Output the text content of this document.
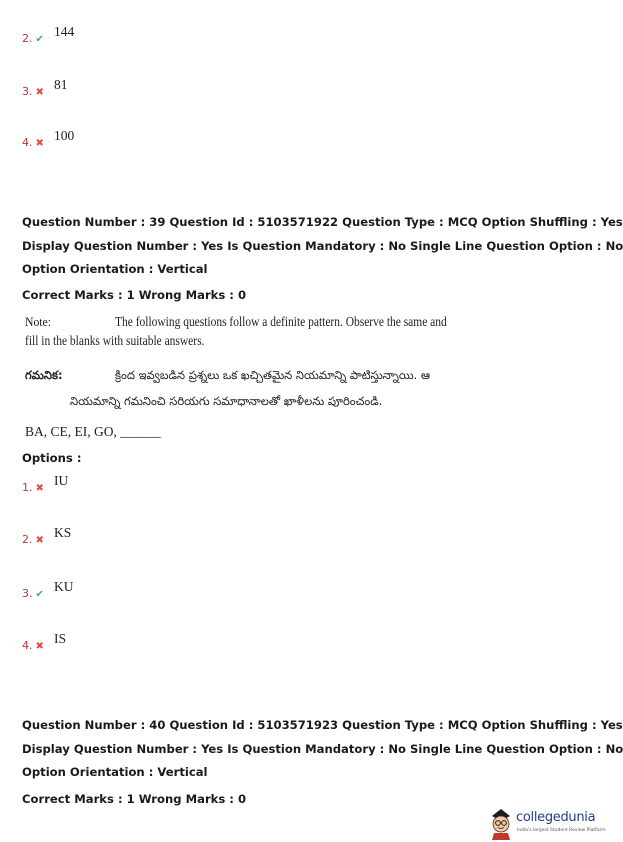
2. ✔
144
3. ✖
81
4. ✖
100
Question Number : 39 Question Id : 5103571922 Question Type : MCQ Option Shuffling : Yes
Display Question Number : Yes Is Question Mandatory : No Single Line Question Option : No
Option Orientation : Vertical
Correct Marks : 1 Wrong Marks : 0
Note:	The following questions follow a definite pattern. Observe the same and
fill in the blanks with suitable answers.
గమనిక:	క్రింద ఇవ్వబడిన ప్రశ్నలు ఒక ఖచ్చితమైన నియమాన్ని పాటిస్తున్నాయి. ఆ
నియమాన్ని గమనించి సరియగు సమాధానాలతో ఖాళీలను పూరించండి.
BA, CE, EI, GO, ______
Options :
1. ✖
IU
2. ✖
KS
3. ✔
KU
4. ✖
IS
Question Number : 40 Question Id : 5103571923 Question Type : MCQ Option Shuffling : Yes
Display Question Number : Yes Is Question Mandatory : No Single Line Question Option : No
Option Orientation : Vertical
Correct Marks : 1 Wrong Marks : 0
collegedunia
India's largest Student Review Platform
